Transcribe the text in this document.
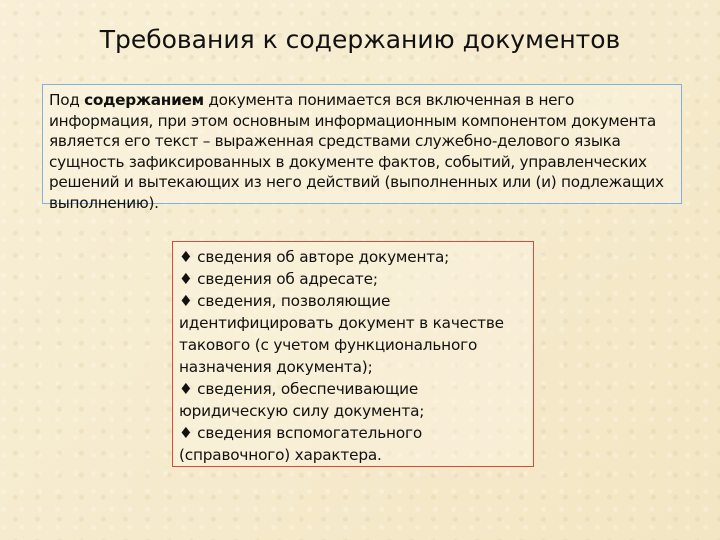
Требования к содержанию документов

Под содержанием документа понимается вся включенная в него информация, при этом основным информационным компонентом документа является его текст – выраженная средствами служебно-делового языка сущность зафиксированных в документе фактов, событий, управленческих решений и вытекающих из него действий (выполненных или (и) подлежащих выполнению).

♦ сведения об авторе документа;
♦ сведения об адресате;
♦ сведения, позволяющие идентифицировать документ в качестве такового (с учетом функционального назначения документа);
♦ сведения, обеспечивающие юридическую силу документа;
♦ сведения вспомогательного (справочного) характера.
